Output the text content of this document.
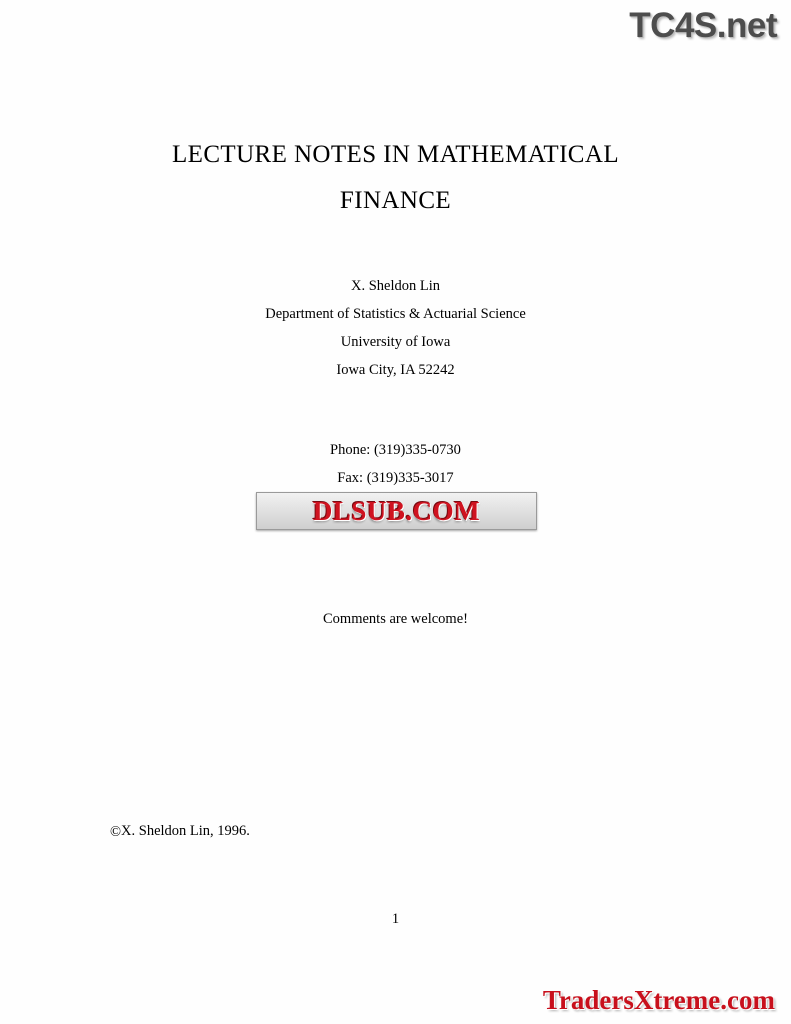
TC4S.net
LECTURE NOTES IN MATHEMATICAL
FINANCE
X. Sheldon Lin
Department of Statistics & Actuarial Science
University of Iowa
Iowa City, IA 52242
Phone: (319)335-0730
Fax: (319)335-3017
DLSUB.COM
Comments are welcome!
©X. Sheldon Lin, 1996.
1
TradersXtreme.com
